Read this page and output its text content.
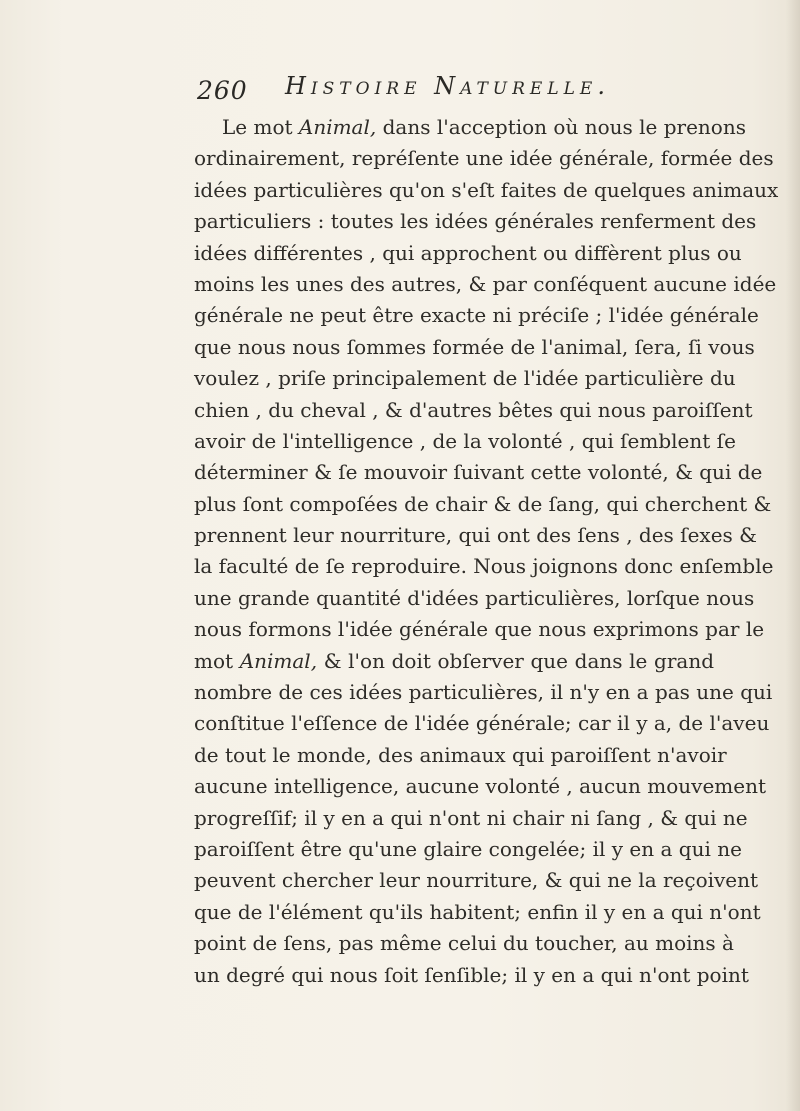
260 Histoire Naturelle.
Le mot Animal, dans l'acception où nous le prenons
ordinairement, repréſente une idée générale, formée des
idées particulières qu'on s'eſt faites de quelques animaux
particuliers : toutes les idées générales renferment des
idées différentes , qui approchent ou diffèrent plus ou
moins les unes des autres, & par conſéquent aucune idée
générale ne peut être exacte ni préciſe ; l'idée générale
que nous nous ſommes formée de l'animal, ſera, ſi vous
voulez , priſe principalement de l'idée particulière du
chien , du cheval , & d'autres bêtes qui nous paroiſſent
avoir de l'intelligence , de la volonté , qui ſemblent ſe
déterminer & ſe mouvoir ſuivant cette volonté, & qui de
plus ſont compoſées de chair & de ſang, qui cherchent &
prennent leur nourriture, qui ont des ſens , des ſexes &
la faculté de ſe reproduire. Nous joignons donc enſemble
une grande quantité d'idées particulières, lorſque nous
nous formons l'idée générale que nous exprimons par le
mot Animal, & l'on doit obſerver que dans le grand
nombre de ces idées particulières, il n'y en a pas une qui
conſtitue l'eſſence de l'idée générale; car il y a, de l'aveu
de tout le monde, des animaux qui paroiſſent n'avoir
aucune intelligence, aucune volonté , aucun mouvement
progreſſif; il y en a qui n'ont ni chair ni ſang , & qui ne
paroiſſent être qu'une glaire congelée; il y en a qui ne
peuvent chercher leur nourriture, & qui ne la reçoivent
que de l'élément qu'ils habitent; enfin il y en a qui n'ont
point de ſens, pas même celui du toucher, au moins à
un degré qui nous ſoit ſenſible; il y en a qui n'ont point
